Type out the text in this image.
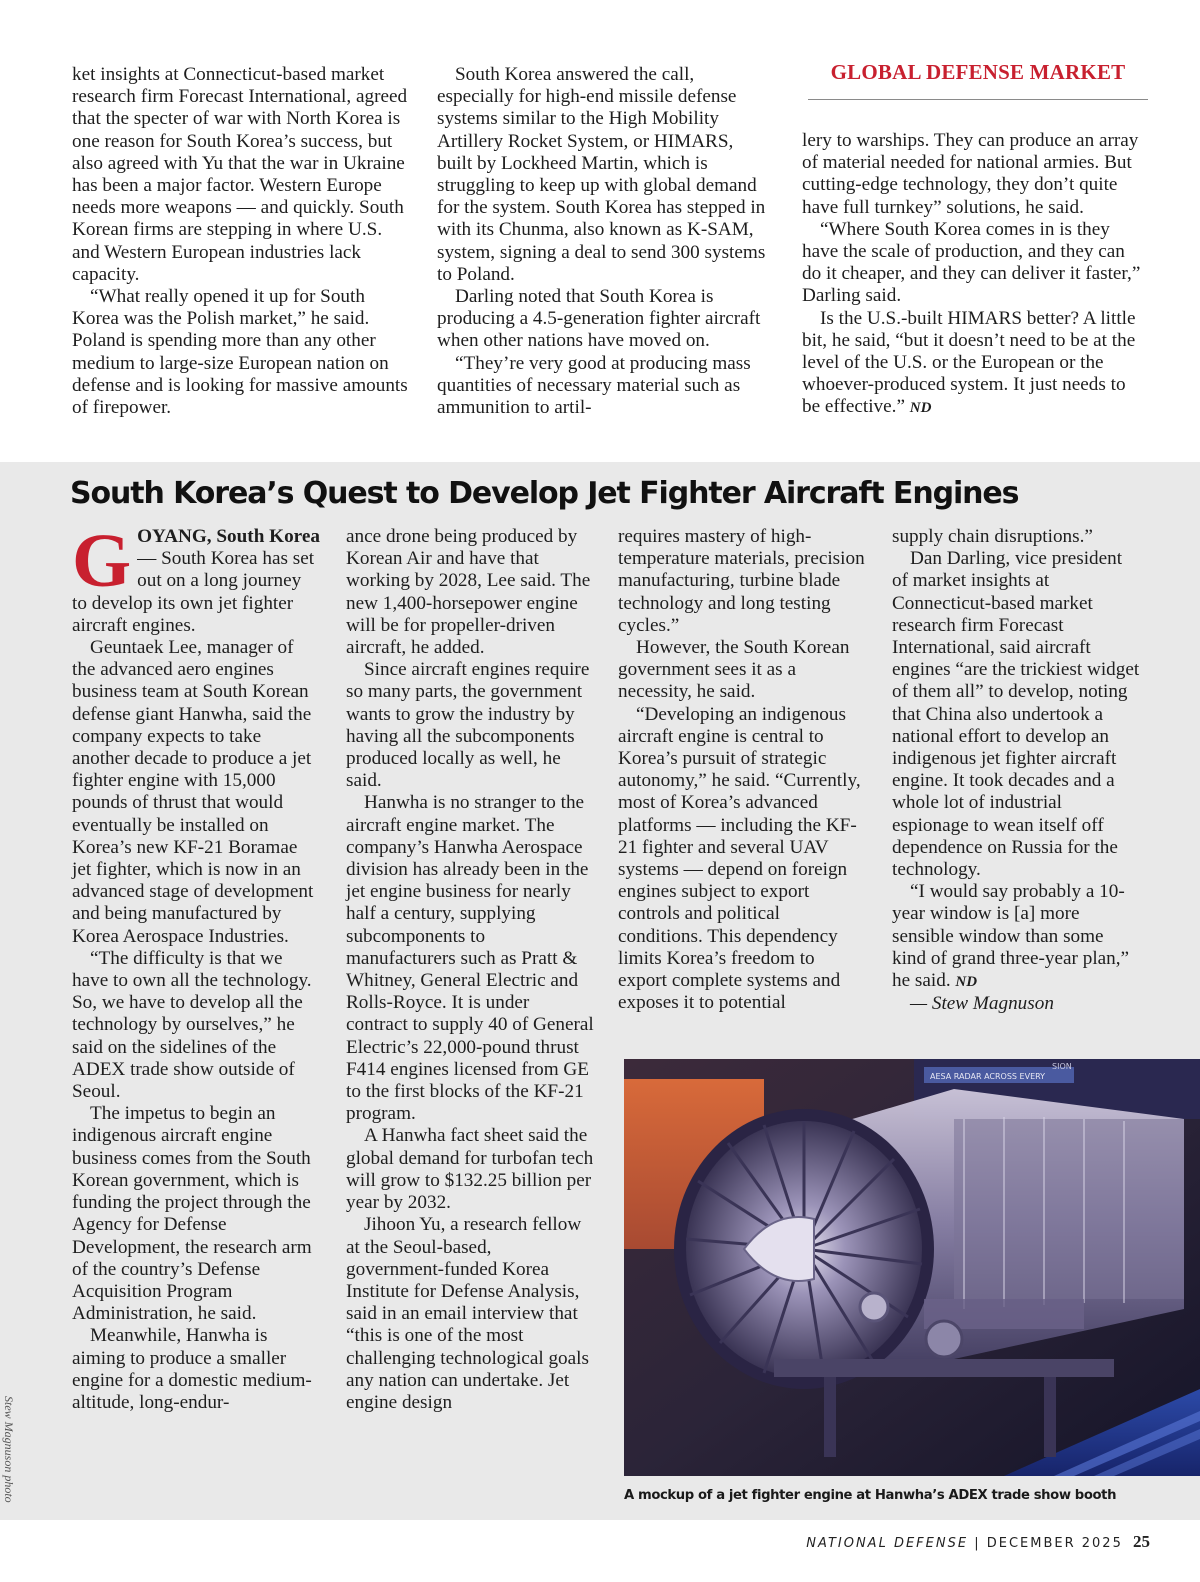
ket insights at Connecticut-based market research firm Forecast International, agreed that the specter of war with North Korea is one reason for South Korea’s success, but also agreed with Yu that the war in Ukraine has been a major factor. Western Europe needs more weapons — and quickly. South Korean firms are stepping in where U.S. and Western European industries lack capacity.

“What really opened it up for South Korea was the Polish market,” he said. Poland is spending more than any other medium to large-size European nation on defense and is looking for massive amounts of firepower.

South Korea answered the call, especially for high-end missile defense systems similar to the High Mobility Artillery Rocket System, or HIMARS, built by Lockheed Martin, which is struggling to keep up with global demand for the system. South Korea has stepped in with its Chunma, also known as K-SAM, system, signing a deal to send 300 systems to Poland.

Darling noted that South Korea is producing a 4.5-generation fighter aircraft when other nations have moved on.

“They’re very good at producing mass quantities of necessary material such as ammunition to artil-

GLOBAL DEFENSE MARKET

lery to warships. They can produce an array of material needed for national armies. But cutting-edge technology, they don’t quite have full turnkey” solutions, he said.

“Where South Korea comes in is they have the scale of production, and they can do it cheaper, and they can deliver it faster,” Darling said.

Is the U.S.-built HIMARS better? A little bit, he said, “but it doesn’t need to be at the level of the U.S. or the European or the whoever-produced system. It just needs to be effective.” ND

South Korea’s Quest to Develop Jet Fighter Aircraft Engines

GOYANG, South Korea — South Korea has set out on a long journey to develop its own jet fighter aircraft engines.

Geuntaek Lee, manager of the advanced aero engines business team at South Korean defense giant Hanwha, said the company expects to take another decade to produce a jet fighter engine with 15,000 pounds of thrust that would eventually be installed on Korea’s new KF-21 Boramae jet fighter, which is now in an advanced stage of development and being manufactured by Korea Aerospace Industries.

“The difficulty is that we have to own all the technology. So, we have to develop all the technology by ourselves,” he said on the sidelines of the ADEX trade show outside of Seoul.

The impetus to begin an indigenous aircraft engine business comes from the South Korean government, which is funding the project through the Agency for Defense Development, the research arm of the country’s Defense Acquisition Program Administration, he said.

Meanwhile, Hanwha is aiming to produce a smaller engine for a domestic medium-altitude, long-endur-

ance drone being produced by Korean Air and have that working by 2028, Lee said. The new 1,400-horsepower engine will be for propeller-driven aircraft, he added.

Since aircraft engines require so many parts, the government wants to grow the industry by having all the subcomponents produced locally as well, he said.

Hanwha is no stranger to the aircraft engine market. The company’s Hanwha Aerospace division has already been in the jet engine business for nearly half a century, supplying subcomponents to manufacturers such as Pratt & Whitney, General Electric and Rolls-Royce. It is under contract to supply 40 of General Electric’s 22,000-pound thrust F414 engines licensed from GE to the first blocks of the KF-21 program.

A Hanwha fact sheet said the global demand for turbofan tech will grow to $132.25 billion per year by 2032.

Jihoon Yu, a research fellow at the Seoul-based, government-funded Korea Institute for Defense Analysis, said in an email interview that “this is one of the most challenging technological goals any nation can undertake. Jet engine design

requires mastery of high-temperature materials, precision manufacturing, turbine blade technology and long testing cycles.”

However, the South Korean government sees it as a necessity, he said.

“Developing an indigenous aircraft engine is central to Korea’s pursuit of strategic autonomy,” he said. “Currently, most of Korea’s advanced platforms — including the KF-21 fighter and several UAV systems — depend on foreign engines subject to export controls and political conditions. This dependency limits Korea’s freedom to export complete systems and exposes it to potential

supply chain disruptions.”

Dan Darling, vice president of market insights at Connecticut-based market research firm Forecast International, said aircraft engines “are the trickiest widget of them all” to develop, noting that China also undertook a national effort to develop an indigenous jet fighter aircraft engine. It took decades and a whole lot of industrial espionage to wean itself off dependence on Russia for the technology.

“I would say probably a 10-year window is [a] more sensible window than some kind of grand three-year plan,” he said. ND

— Stew Magnuson

AESA RADAR ACROSS EVERY
SION
A mockup of a jet fighter engine at Hanwha’s ADEX trade show booth
Stew Magnuson photo
NATIONAL DEFENSE | DECEMBER 2025 25
